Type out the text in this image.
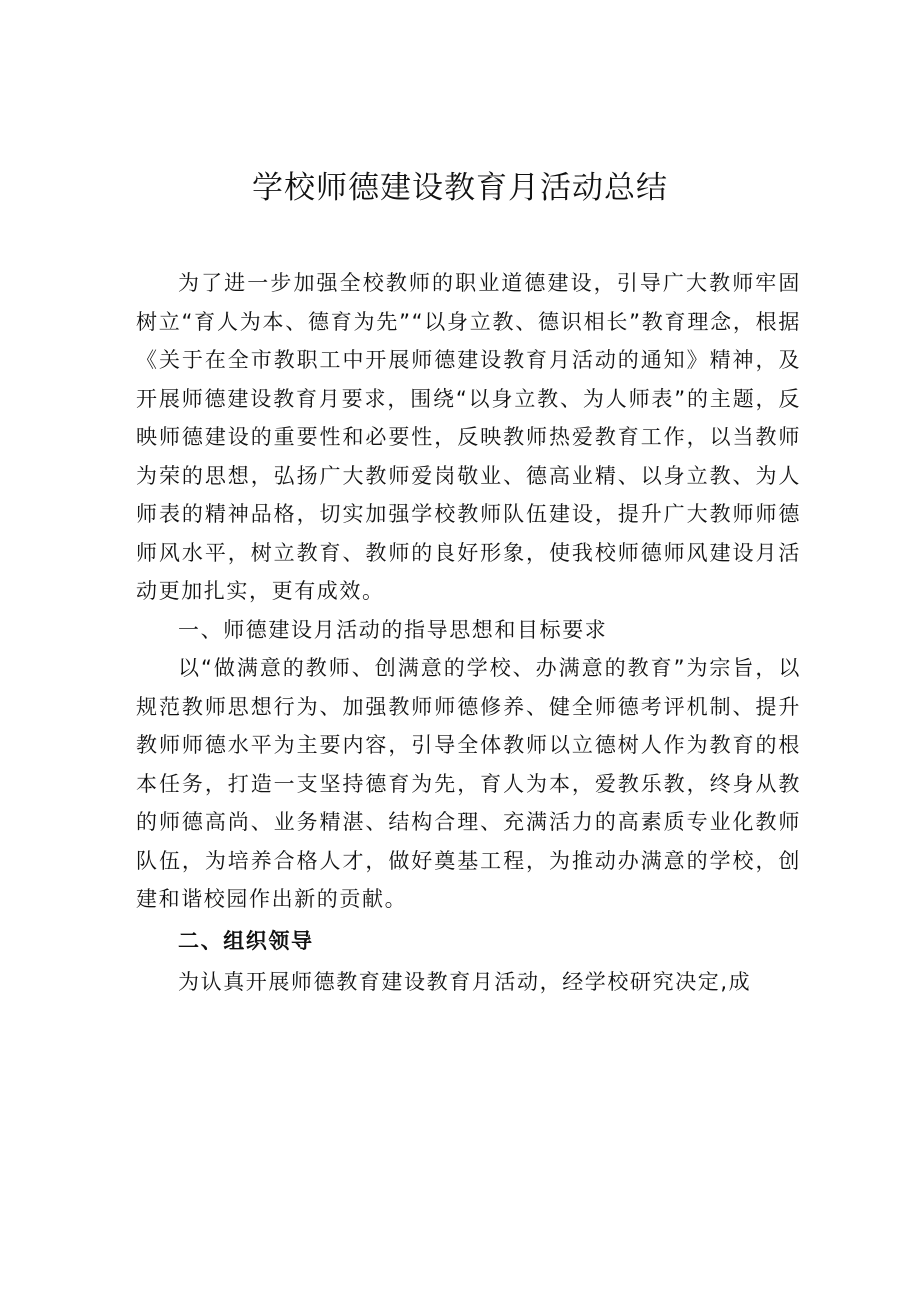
学校师德建设教育月活动总结

为了进一步加强全校教师的职业道德建设，引导广大教师牢固树立“育人为本、德育为先”“以身立教、德识相长”教育理念，根据《关于在全市教职工中开展师德建设教育月活动的通知》精神，及开展师德建设教育月要求，围绕“以身立教、为人师表”的主题，反映师德建设的重要性和必要性，反映教师热爱教育工作，以当教师为荣的思想，弘扬广大教师爱岗敬业、德高业精、以身立教、为人师表的精神品格，切实加强学校教师队伍建设，提升广大教师师德师风水平，树立教育、教师的良好形象，使我校师德师风建设月活动更加扎实，更有成效。

一、师德建设月活动的指导思想和目标要求

以“做满意的教师、创满意的学校、办满意的教育”为宗旨，以规范教师思想行为、加强教师师德修养、健全师德考评机制、提升教师师德水平为主要内容，引导全体教师以立德树人作为教育的根本任务，打造一支坚持德育为先，育人为本，爱教乐教，终身从教的师德高尚、业务精湛、结构合理、充满活力的高素质专业化教师队伍，为培养合格人才，做好奠基工程，为推动办满意的学校，创建和谐校园作出新的贡献。

二、组织领导

为认真开展师德教育建设教育月活动，经学校研究决定,成
